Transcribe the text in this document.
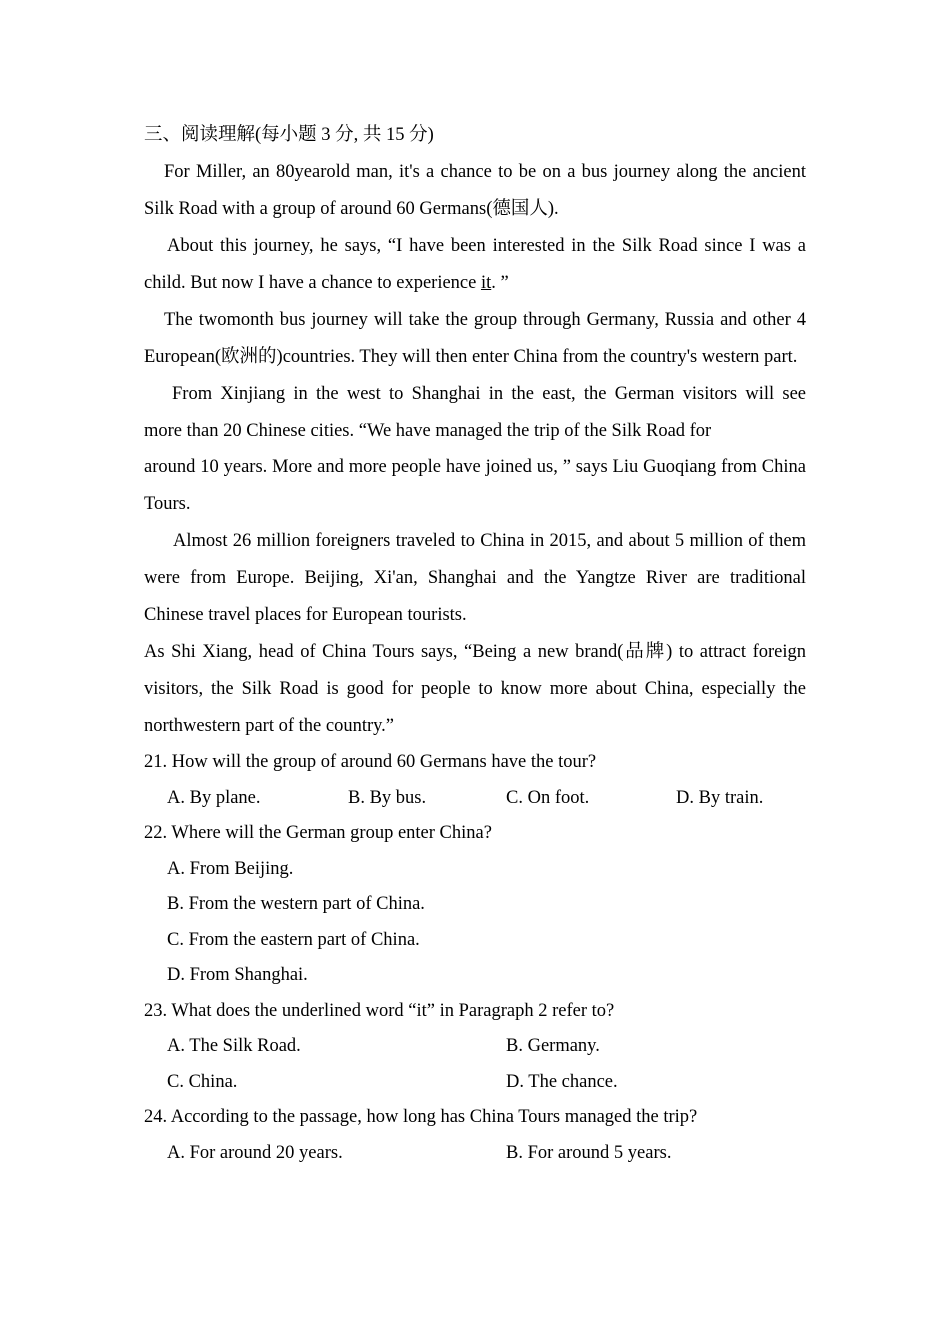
三、阅读理解(每小题 3 分, 共 15 分)

For Miller, an 80yearold man, it's a chance to be on a bus journey along the ancient Silk Road with a group of around 60 Germans(德国人).

About this journey, he says, “I have been interested in the Silk Road since I was a child. But now I have a chance to experience it. ”

The twomonth bus journey will take the group through Germany, Russia and other 4 European(欧洲的)countries. They will then enter China from the country's western part.

From Xinjiang in the west to Shanghai in the east, the German visitors will see
more than 20 Chinese cities. “We have managed the trip of the Silk Road for

around 10 years. More and more people have joined us, ” says Liu Guoqiang from China Tours.

Almost 26 million foreigners traveled to China in 2015, and about 5 million of them were from Europe. Beijing, Xi'an, Shanghai and the Yangtze River are traditional Chinese travel places for European tourists.

As Shi Xiang, head of China Tours says, “Being a new brand(品牌) to attract foreign visitors, the Silk Road is good for people to know more about China, especially the northwestern part of the country.”

21. How will the group of around 60 Germans have the tour?
A. By plane.	B. By bus.	C. On foot.	D. By train.
22. Where will the German group enter China?
A. From Beijing.
B. From the western part of China.
C. From the eastern part of China.
D. From Shanghai.
23. What does the underlined word “it” in Paragraph 2 refer to?
A. The Silk Road.	B. Germany.
C. China.	D. The chance.
24. According to the passage, how long has China Tours managed the trip?
A. For around 20 years.	B. For around 5 years.
